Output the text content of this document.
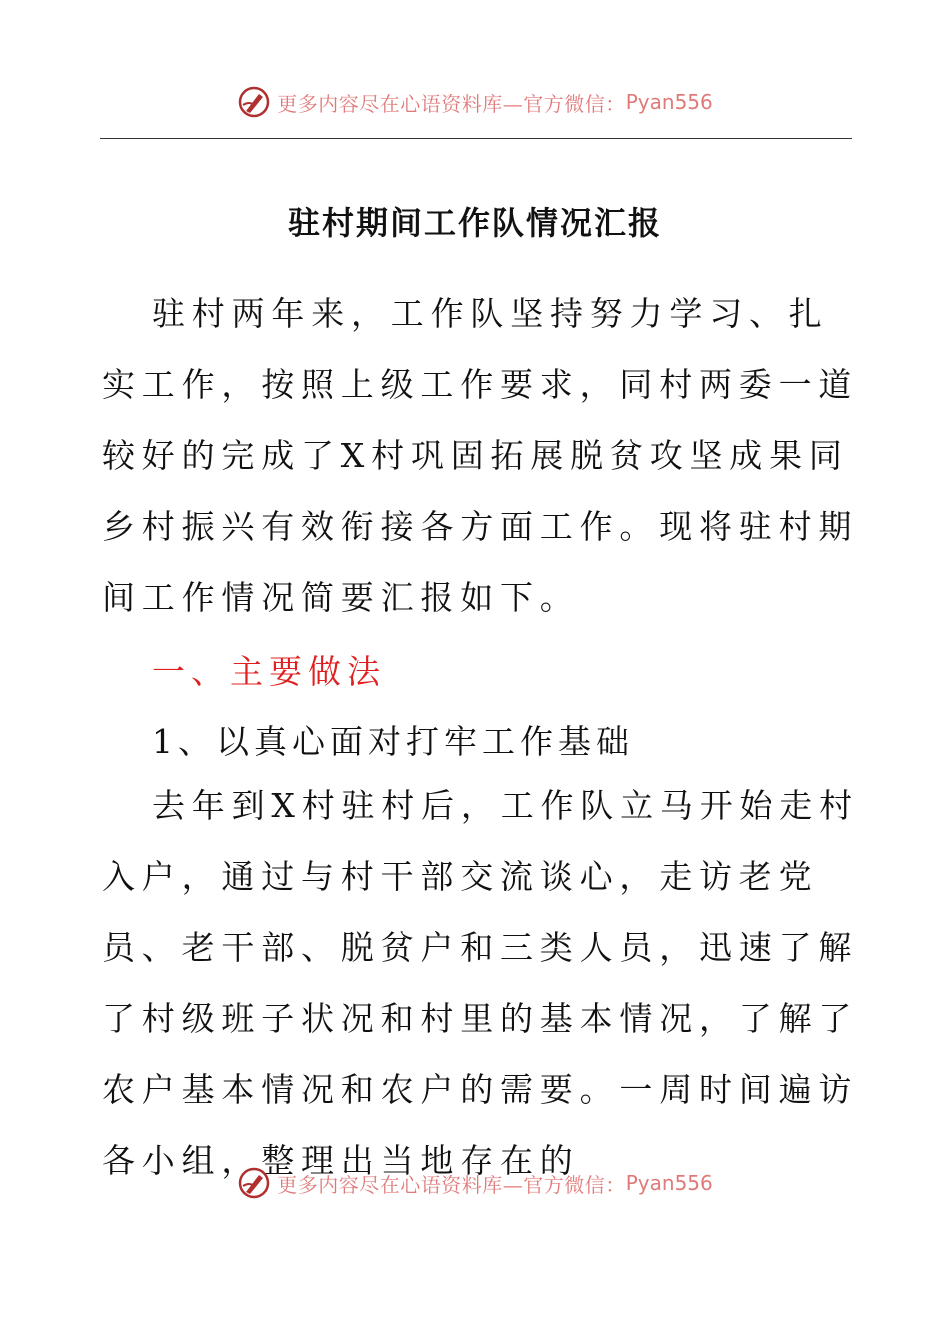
更多内容尽在心语资料库—官方微信： Pyan556
驻村期间工作队情况汇报

驻村两年来，工作队坚持努力学习、扎实工作，按照上级工作要求，同村两委一道较好的完成了X村巩固拓展脱贫攻坚成果同乡村振兴有效衔接各方面工作。现将驻村期间工作情况简要汇报如下。

一、主要做法

1、以真心面对打牢工作基础

去年到X村驻村后，工作队立马开始走村入户，通过与村干部交流谈心，走访老党员、老干部、脱贫户和三类人员，迅速了解了村级班子状况和村里的基本情况，了解了农户基本情况和农户的需要。一周时间遍访各小组，整理出当地存在的

更多内容尽在心语资料库—官方微信： Pyan556
